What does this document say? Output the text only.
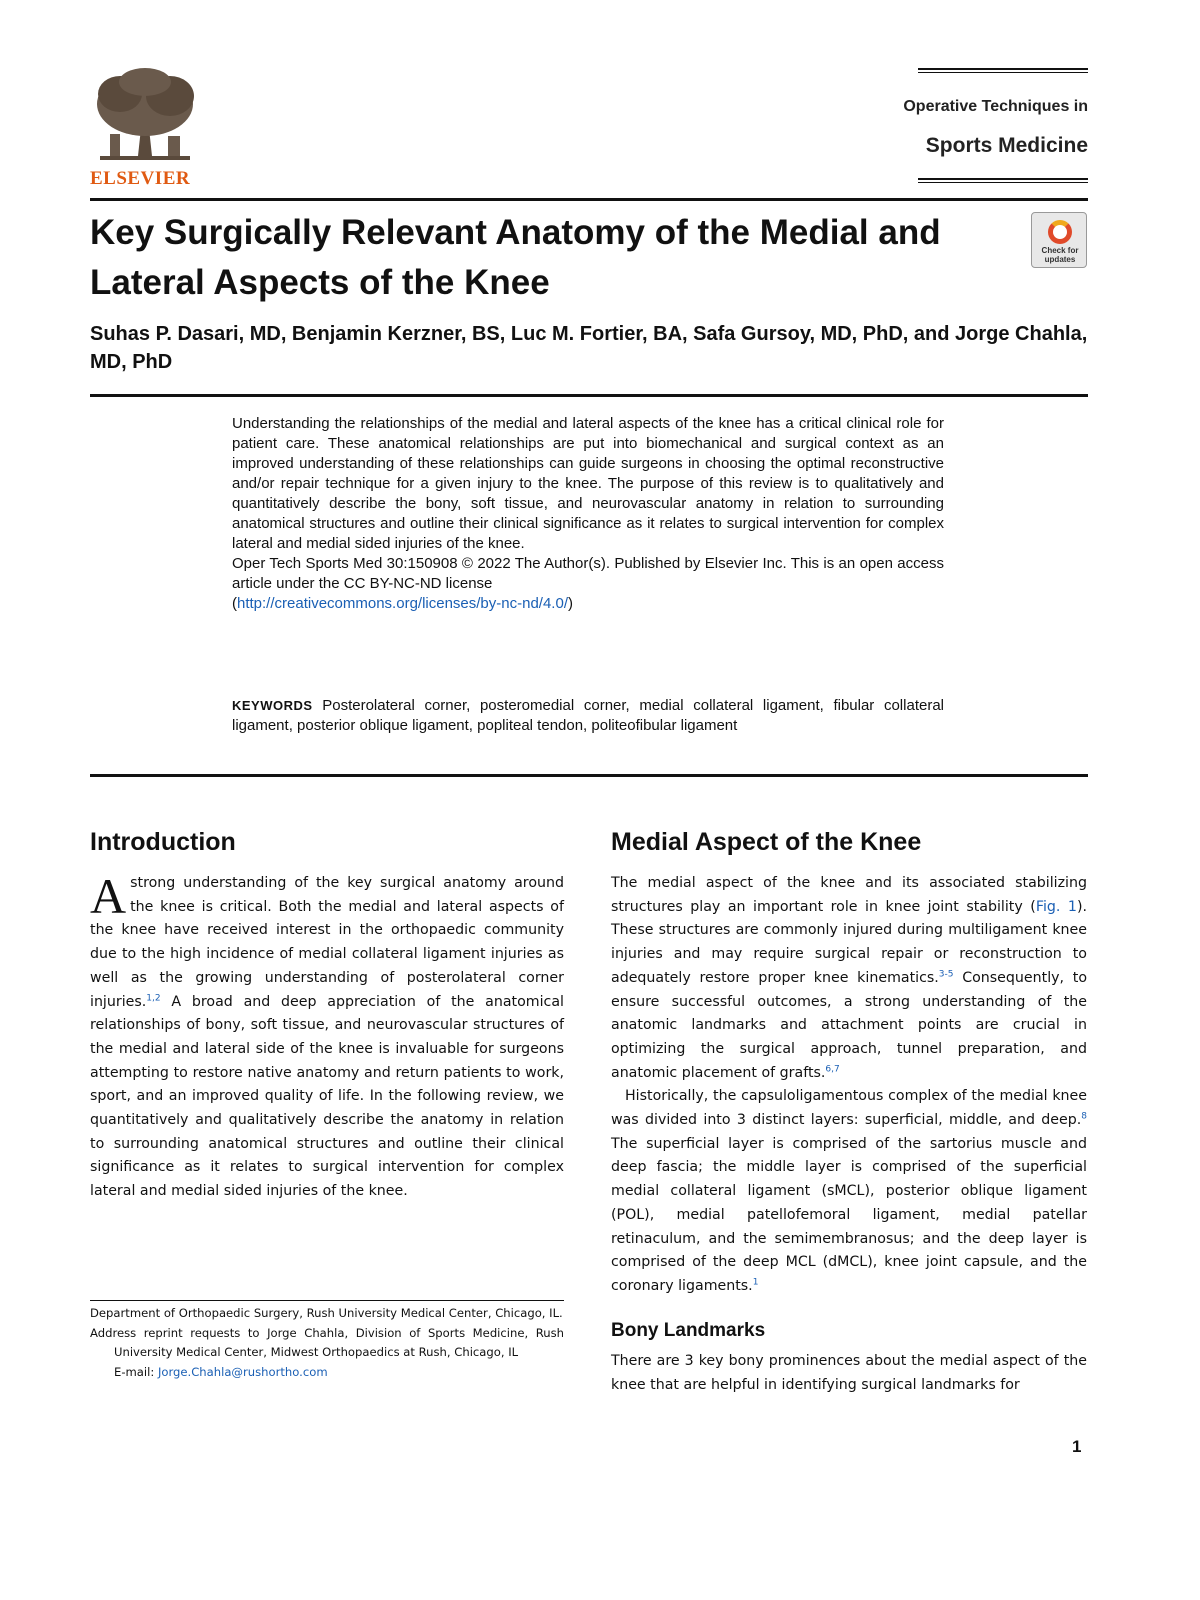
ELSEVIER
Operative Techniques in
Sports Medicine
Key Surgically Relevant Anatomy of the Medial and Lateral Aspects of the Knee
Check for updates
Suhas P. Dasari, MD, Benjamin Kerzner, BS, Luc M. Fortier, BA, Safa Gursoy, MD, PhD, and Jorge Chahla, MD, PhD

Understanding the relationships of the medial and lateral aspects of the knee has a critical clinical role for patient care. These anatomical relationships are put into biomechanical and surgical context as an improved understanding of these relationships can guide surgeons in choosing the optimal reconstructive and/or repair technique for a given injury to the knee. The purpose of this review is to qualitatively and quantitatively describe the bony, soft tissue, and neurovascular anatomy in relation to surrounding anatomical structures and outline their clinical significance as it relates to surgical intervention for complex lateral and medial sided injuries of the knee.

Oper Tech Sports Med 30:150908 © 2022 The Author(s). Published by Elsevier Inc. This is an open access article under the CC BY-NC-ND license
(http://creativecommons.org/licenses/by-nc-nd/4.0/)

KEYWORDS Posterolateral corner, posteromedial corner, medial collateral ligament, fibular collateral ligament, posterior oblique ligament, popliteal tendon, politeofibular ligament
Introduction
Astrong understanding of the key surgical anatomy around the knee is critical. Both the medial and lateral aspects of the knee have received interest in the orthopaedic community due to the high incidence of medial collateral ligament injuries as well as the growing understanding of posterolateral corner injuries.$^{1,2}$ A broad and deep appreciation of the anatomical relationships of bony, soft tissue, and neurovascular structures of the medial and lateral side of the knee is invaluable for surgeons attempting to restore native anatomy and return patients to work, sport, and an improved quality of life. In the following review, we quantitatively and qualitatively describe the anatomy in relation to surrounding anatomical structures and outline their clinical significance as it relates to surgical intervention for complex lateral and medial sided injuries of the knee.
Medial Aspect of the Knee

The medial aspect of the knee and its associated stabilizing structures play an important role in knee joint stability (Fig. 1). These structures are commonly injured during multiligament knee injuries and may require surgical repair or reconstruction to adequately restore proper knee kinematics.$^{3-5}$ Consequently, to ensure successful outcomes, a strong understanding of the anatomic landmarks and attachment points are crucial in optimizing the surgical approach, tunnel preparation, and anatomic placement of grafts.$^{6,7}$

Historically, the capsuloligamentous complex of the medial knee was divided into 3 distinct layers: superficial, middle, and deep.$^8$ The superficial layer is comprised of the sartorius muscle and deep fascia; the middle layer is comprised of the superficial medial collateral ligament (sMCL), posterior oblique ligament (POL), medial patellofemoral ligament, medial patellar retinaculum, and the semimembranosus; and the deep layer is comprised of the deep MCL (dMCL), knee joint capsule, and the coronary ligaments.$^1$

Bony Landmarks
There are 3 key bony prominences about the medial aspect of the knee that are helpful in identifying surgical landmarks for

Department of Orthopaedic Surgery, Rush University Medical Center, Chicago, IL.

Address reprint requests to Jorge Chahla, Division of Sports Medicine, Rush University Medical Center, Midwest Orthopaedics at Rush, Chicago, IL
E-mail: Jorge.Chahla@rushortho.com

1
